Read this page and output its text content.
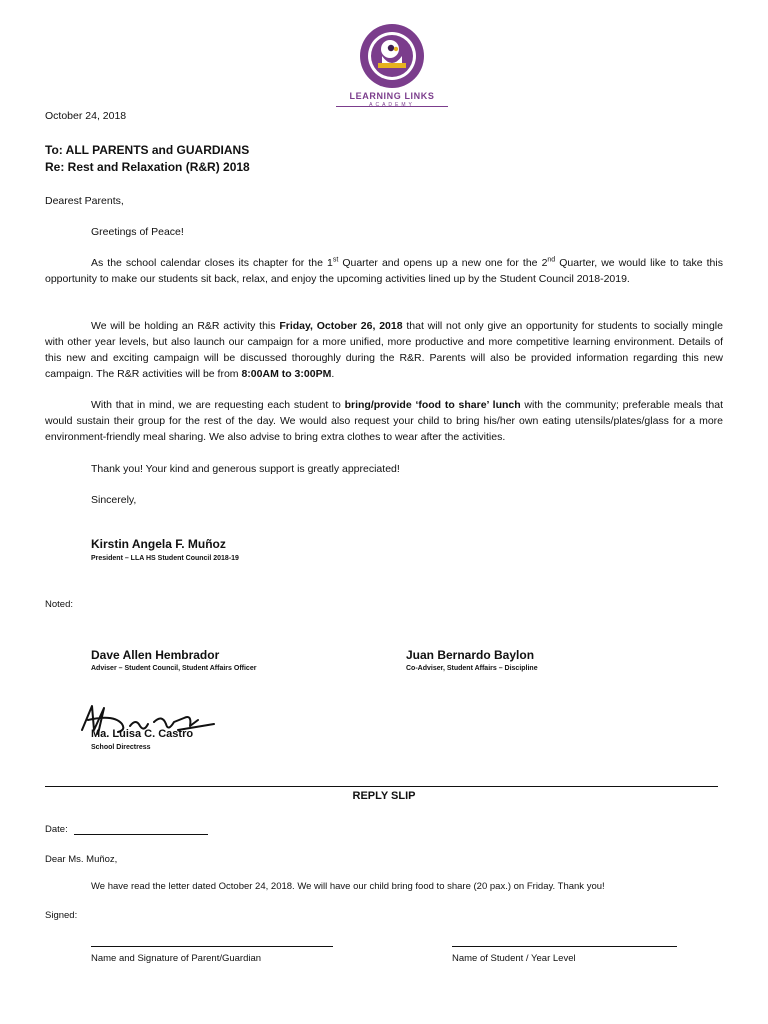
LEARNING LINKS
ACADEMY
October 24, 2018
To: ALL PARENTS and GUARDIANS
Re: Rest and Relaxation (R&R) 2018
Dearest Parents,
Greetings of Peace!
As the school calendar closes its chapter for the 1st Quarter and opens up a new one for the 2nd Quarter, we would like to take this opportunity to make our students sit back, relax, and enjoy the upcoming activities lined up by the Student Council 2018-2019.
We will be holding an R&R activity this Friday, October 26, 2018 that will not only give an opportunity for students to socially mingle with other year levels, but also launch our campaign for a more unified, more productive and more competitive learning environment. Details of this new and exciting campaign will be discussed thoroughly during the R&R. Parents will also be provided information regarding this new campaign. The R&R activities will be from 8:00AM to 3:00PM.
With that in mind, we are requesting each student to bring/provide ‘food to share’ lunch with the community; preferable meals that would sustain their group for the rest of the day. We would also request your child to bring his/her own eating utensils/plates/glass for a more environment-friendly meal sharing. We also advise to bring extra clothes to wear after the activities.
Thank you! Your kind and generous support is greatly appreciated!
Sincerely,
Kirstin Angela F. Muñoz
President – LLA HS Student Council 2018-19
Noted:
Dave Allen Hembrador
Adviser – Student Council, Student Affairs Officer
Juan Bernardo Baylon
Co-Adviser, Student Affairs – Discipline
Ma. Luisa C. Castro
School Directress
REPLY SLIP
Date:
Dear Ms. Muñoz,
We have read the letter dated October 24, 2018. We will have our child bring food to share (20 pax.) on Friday. Thank you!
Signed:
Name and Signature of Parent/Guardian	Name of Student / Year Level
